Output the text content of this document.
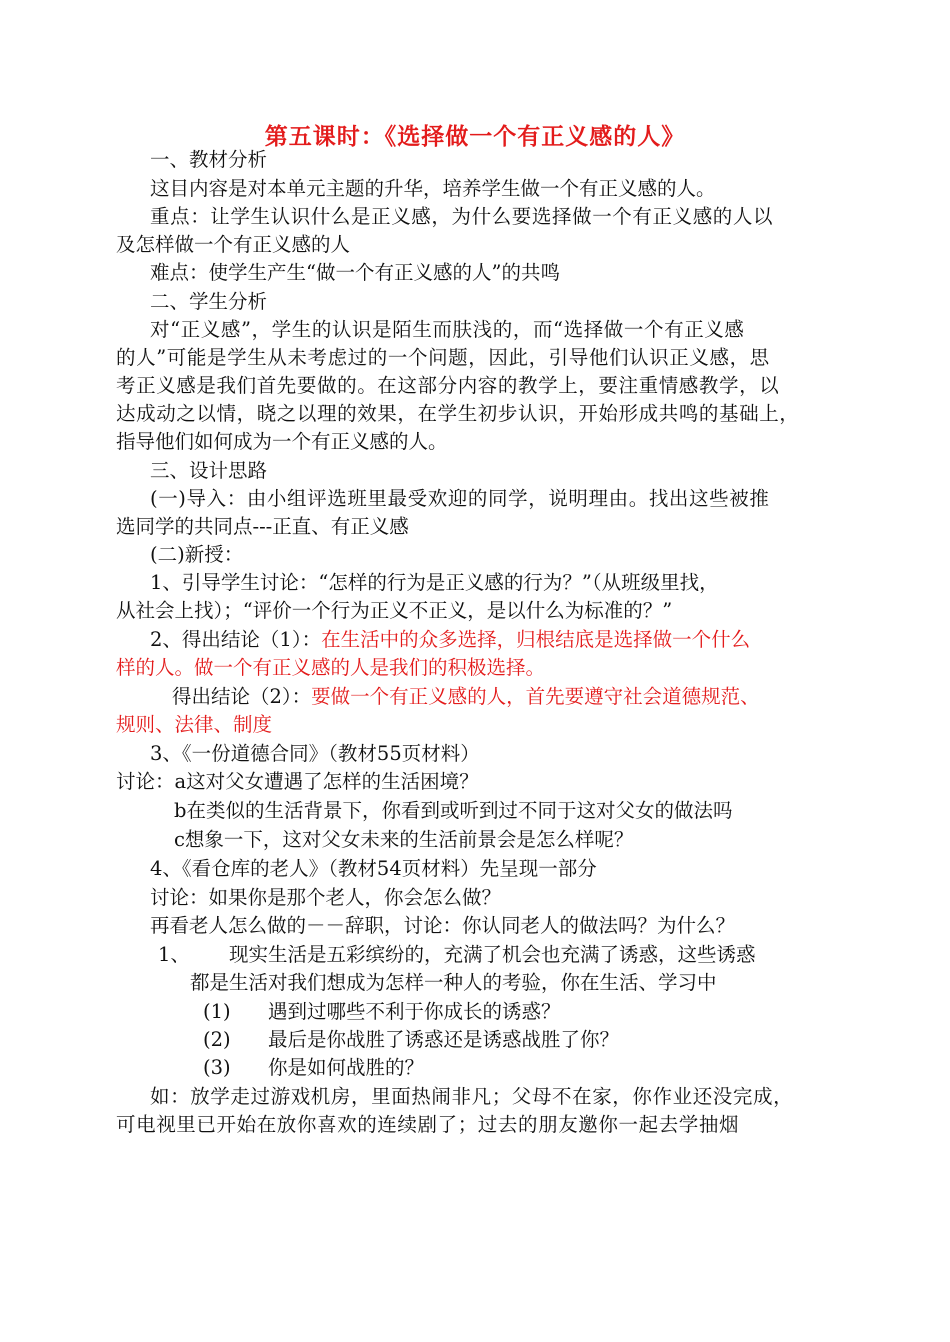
第五课时：《选择做一个有正义感的人》
一、教材分析
这目内容是对本单元主题的升华，培养学生做一个有正义感的人。
重点：让学生认识什么是正义感，为什么要选择做一个有正义感的人以
及怎样做一个有正义感的人
难点：使学生产生“做一个有正义感的人”的共鸣
二、学生分析
对“正义感”，学生的认识是陌生而肤浅的，而“选择做一个有正义感
的人”可能是学生从未考虑过的一个问题，因此，引导他们认识正义感，思
考正义感是我们首先要做的。在这部分内容的教学上，要注重情感教学，以
达成动之以情，晓之以理的效果，在学生初步认识，开始形成共鸣的基础上，
指导他们如何成为一个有正义感的人。
三、设计思路
(一)导入：由小组评选班里最受欢迎的同学，说明理由。找出这些被推
选同学的共同点---正直、有正义感
(二)新授：
1、引导学生讨论：“怎样的行为是正义感的行为？”（从班级里找，
从社会上找）；“评价一个行为正义不正义，是以什么为标准的？”
2、得出结论（1）：在生活中的众多选择，归根结底是选择做一个什么
样的人。做一个有正义感的人是我们的积极选择。
得出结论（2）：要做一个有正义感的人，首先要遵守社会道德规范、
规则、法律、制度
3、《一份道德合同》（教材55页材料）
讨论：a这对父女遭遇了怎样的生活困境？
b在类似的生活背景下，你看到或听到过不同于这对父女的做法吗
c想象一下，这对父女未来的生活前景会是怎么样呢？
4、《看仓库的老人》（教材54页材料）先呈现一部分
讨论：如果你是那个老人，你会怎么做？
再看老人怎么做的－－辞职，讨论：你认同老人的做法吗？为什么？
1、 现实生活是五彩缤纷的，充满了机会也充满了诱惑，这些诱惑
都是生活对我们想成为怎样一种人的考验，你在生活、学习中
(1) 遇到过哪些不利于你成长的诱惑？
(2) 最后是你战胜了诱惑还是诱惑战胜了你？
(3) 你是如何战胜的？
如：放学走过游戏机房，里面热闹非凡；父母不在家，你作业还没完成，
可电视里已开始在放你喜欢的连续剧了；过去的朋友邀你一起去学抽烟
